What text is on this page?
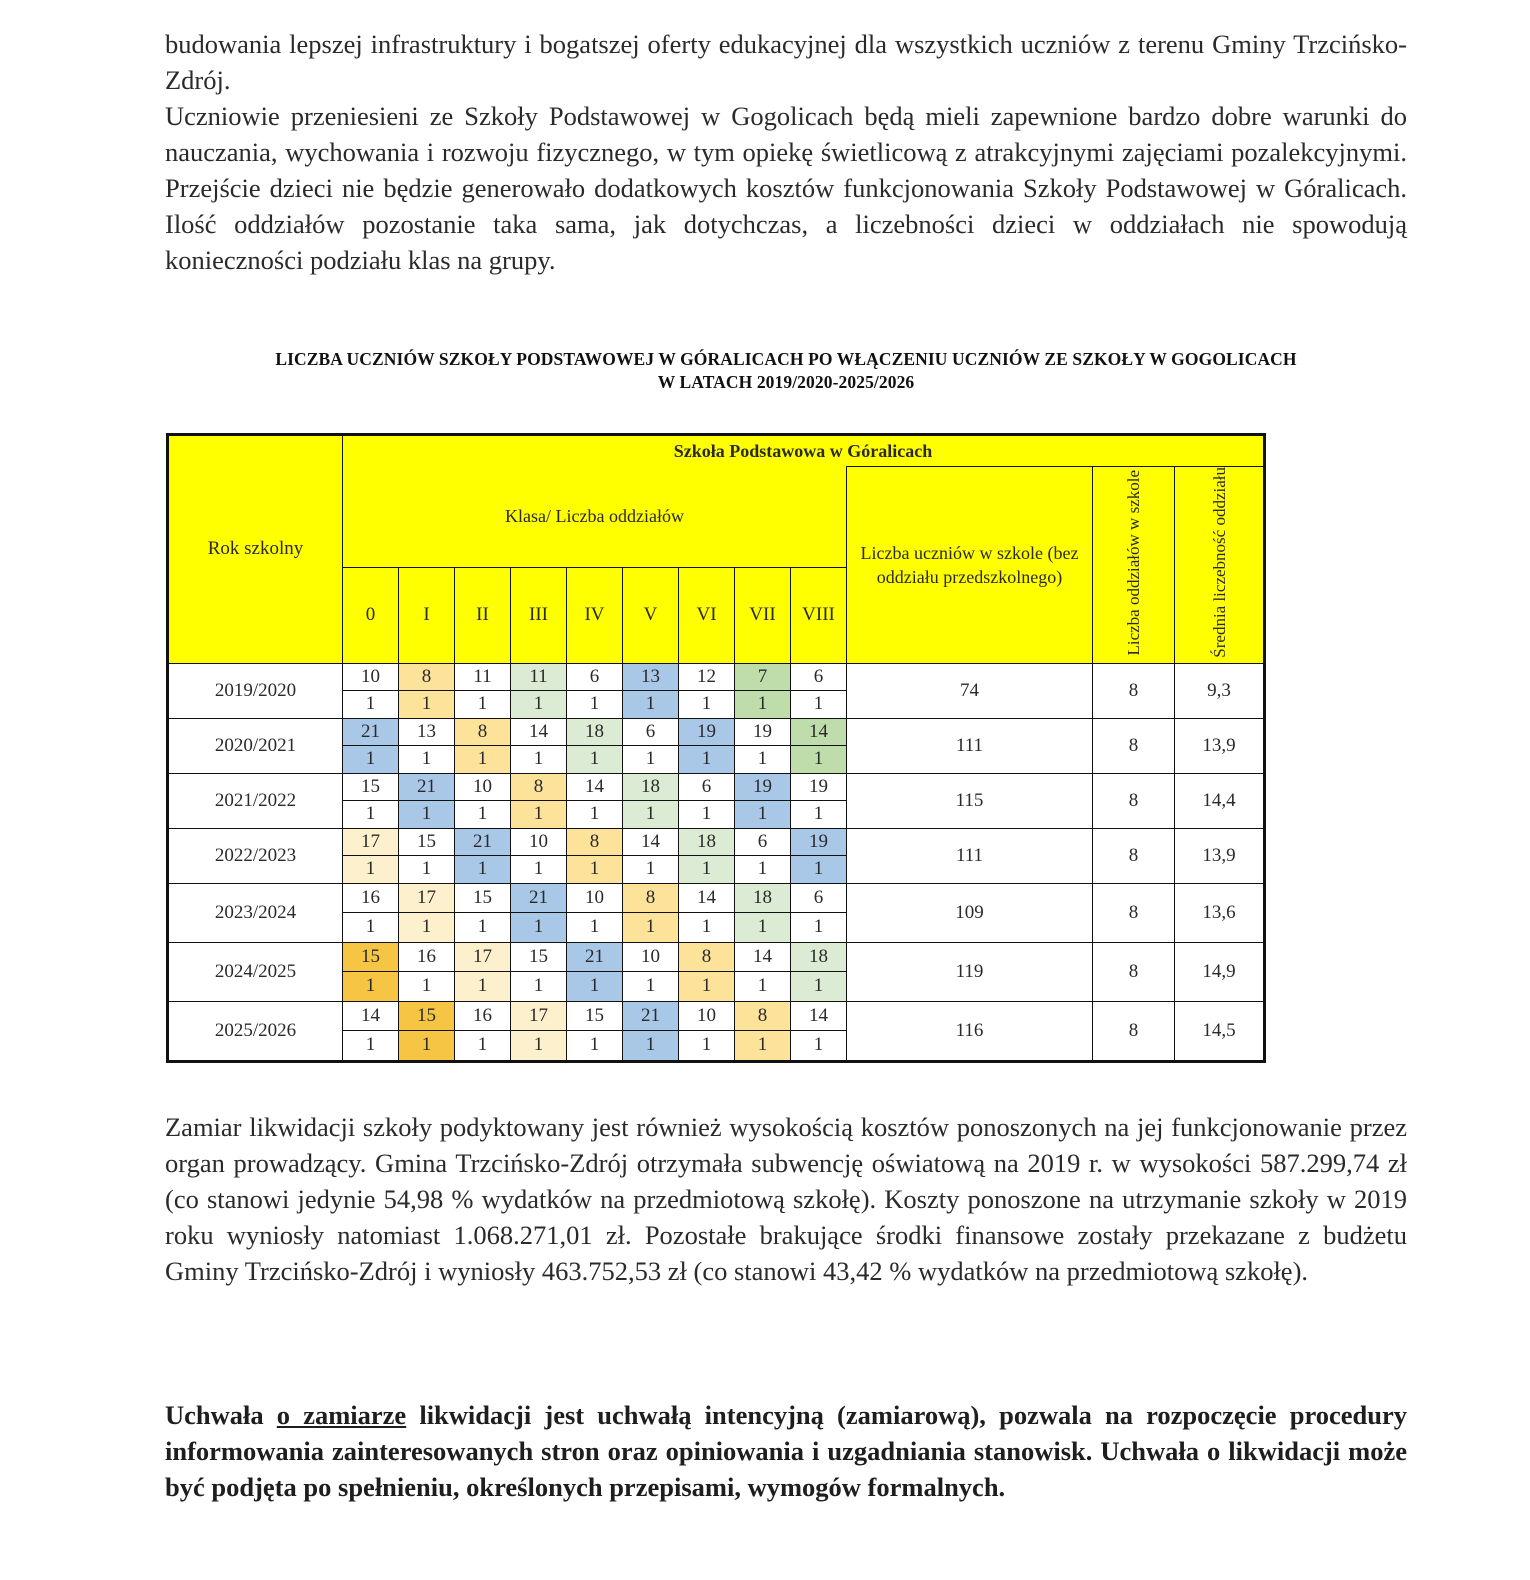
budowania lepszej infrastruktury i bogatszej oferty edukacyjnej dla wszystkich uczniów z terenu Gminy Trzcińsko-Zdrój.

Uczniowie przeniesieni ze Szkoły Podstawowej w Gogolicach będą mieli zapewnione bardzo dobre warunki do nauczania, wychowania i rozwoju fizycznego, w tym opiekę świetlicową z atrakcyjnymi zajęciami pozalekcyjnymi. Przejście dzieci nie będzie generowało dodatkowych kosztów funkcjonowania Szkoły Podstawowej w Góralicach. Ilość oddziałów pozostanie taka sama, jak dotychczas, a liczebności dzieci w oddziałach nie spowodują konieczności podziału klas na grupy.

LICZBA UCZNIÓW SZKOŁY PODSTAWOWEJ W GÓRALICACH PO WŁĄCZENIU UCZNIÓW ZE SZKOŁY W GOGOLICACH
W LATACH 2019/2020-2025/2026
Rok szkolny	Szkoła Podstawowa w Góralicach											
	Klasa/ Liczba oddziałów									Liczba uczniów w szkole (bez oddziału przedszkolnego)	Liczba oddziałów w szkole	Średnia liczebność oddziału
	0	I	II	III	IV	V	VI	VII	VIII			
2019/2020	10	8	11	11	6	13	12	7	6	74	8	9,3
	1	1	1	1	1	1	1	1	1			
2020/2021	21	13	8	14	18	6	19	19	14	111	8	13,9
	1	1	1	1	1	1	1	1	1			
2021/2022	15	21	10	8	14	18	6	19	19	115	8	14,4
	1	1	1	1	1	1	1	1	1			
2022/2023	17	15	21	10	8	14	18	6	19	111	8	13,9
	1	1	1	1	1	1	1	1	1			
2023/2024	16	17	15	21	10	8	14	18	6	109	8	13,6
	1	1	1	1	1	1	1	1	1			
2024/2025	15	16	17	15	21	10	8	14	18	119	8	14,9
	1	1	1	1	1	1	1	1	1			
2025/2026	14	15	16	17	15	21	10	8	14	116	8	14,5
	1	1	1	1	1	1	1	1	1			
Zamiar likwidacji szkoły podyktowany jest również wysokością kosztów ponoszonych na jej funkcjonowanie przez organ prowadzący. Gmina Trzcińsko-Zdrój otrzymała subwencję oświatową na 2019 r. w wysokości 587.299,74 zł (co stanowi jedynie 54,98 % wydatków na przedmiotową szkołę). Koszty ponoszone na utrzymanie szkoły w 2019 roku wyniosły natomiast 1.068.271,01 zł. Pozostałe brakujące środki finansowe zostały przekazane z budżetu Gminy Trzcińsko-Zdrój i wyniosły 463.752,53 zł (co stanowi 43,42 % wydatków na przedmiotową szkołę).
Uchwała o zamiarze likwidacji jest uchwałą intencyjną (zamiarową), pozwala na rozpoczęcie procedury informowania zainteresowanych stron oraz opiniowania i uzgadniania stanowisk. Uchwała o likwidacji może być podjęta po spełnieniu, określonych przepisami, wymogów formalnych.
